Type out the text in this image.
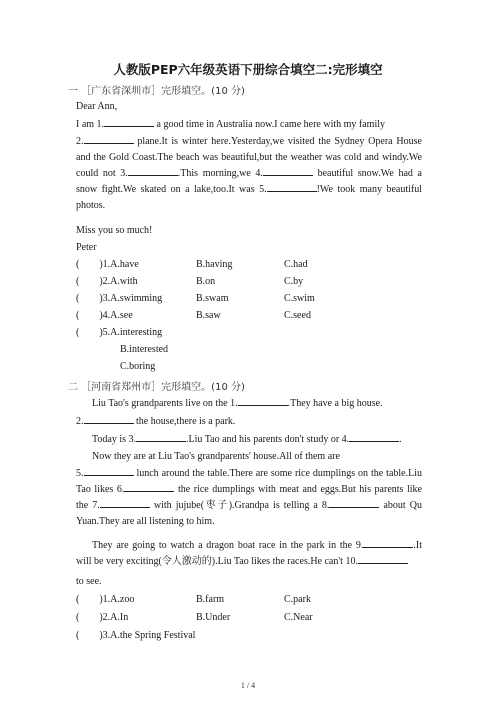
人教版PEP六年级英语下册综合填空二:完形填空
一 ［广东省深圳市］完形填空。(10 分)
Dear Ann,
I am 1.	a good time in Australia now.I came here with my family
2.	plane.It is winter here.Yesterday,we visited the Sydney Opera House and the Gold Coast.The beach was beautiful,but the weather was cold and windy.We could not 3.	.This morning,we 4.	beautiful snow.We had a snow fight.We skated on a lake,too.It was 5.	!We took many beautiful photos.
Miss you so much!
Peter
(　　)1.A.have	B.having	C.had
(　　)2.A.with	B.on	C.by
(　　)3.A.swimming	B.swam	C.swim
(　　)4.A.see	B.saw	C.seed
(　　)5.A.interesting
B.interested
C.boring
二 ［河南省郑州市］完形填空。(10 分)
Liu Tao's grandparents live on the 1.	.They have a big house.
2.	the house,there is a park.
Today is 3.	.Liu Tao and his parents don't study or 4.	.
Now they are at Liu Tao's grandparents' house.All of them are
5.	lunch around the table.There are some rice dumplings on the table.Liu Tao likes 6.	the rice dumplings with meat and eggs.But his parents like the 7.	with jujube(枣子).Grandpa is telling a 8.	about Qu Yuan.They are all listening to him.
They are going to watch a dragon boat race in the park in the 9.	.It will be very exciting(令人激动的).Liu Tao likes the races.He can't 10.
to see.
(　　)1.A.zoo	B.farm	C.park
(　　)2.A.In	B.Under	C.Near
(　　)3.A.the Spring Festival
1 / 4
